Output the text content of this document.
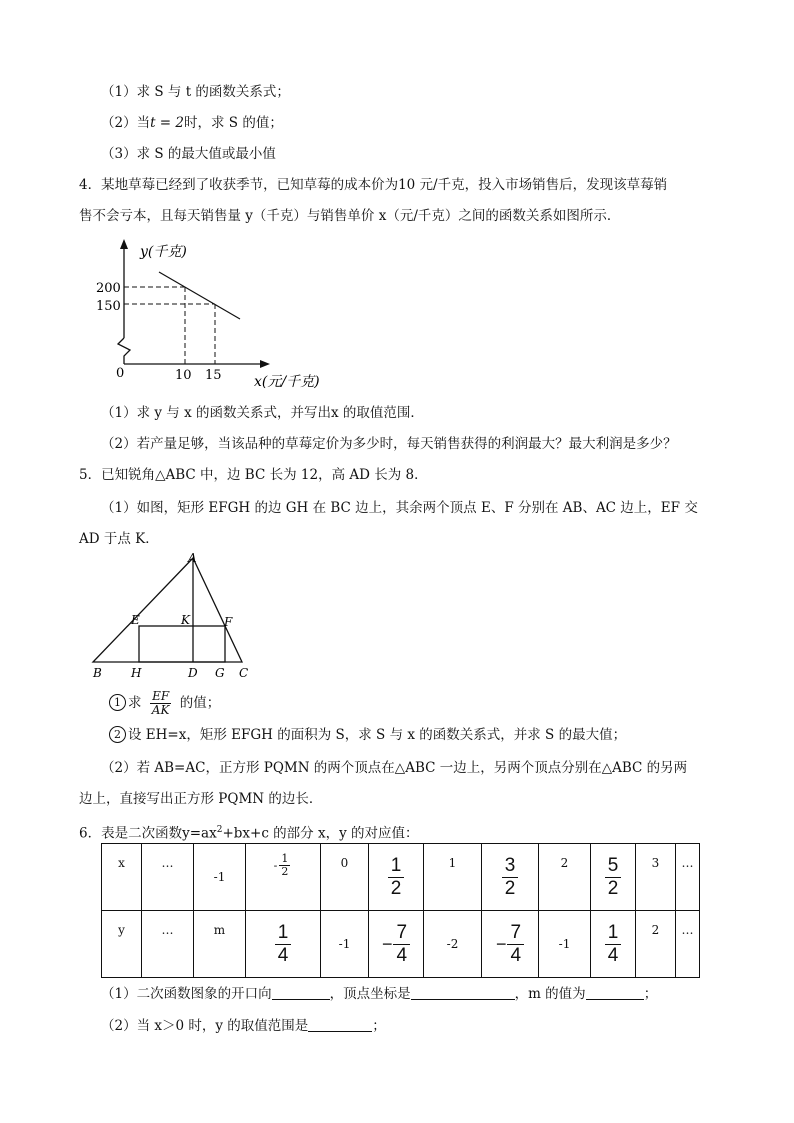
（1）求 S 与 t 的函数关系式；
（2）当t = 2时，求 S 的值；
（3）求 S 的最大值或最小值
4．某地草莓已经到了收获季节，已知草莓的成本价为10 元/千克，投入市场销售后，发现该草莓销
售不会亏本，且每天销售量 y（千克）与销售单价 x（元/千克）之间的函数关系如图所示．
y(千克)
200
150
0	10 15 x(元/千克)
（1）求 y 与 x 的函数关系式，并写出x 的取值范围．
（2）若产量足够，当该品种的草莓定价为多少时，每天销售获得的利润最大？最大利润是多少？
5．已知锐角△ABC 中，边 BC 长为 12，高 AD 长为 8．
（1）如图，矩形 EFGH 的边 GH 在 BC 边上，其余两个顶点 E、F 分别在 AB、AC 边上，EF 交
AD 于点 K．
A
E	K	F
B H	D G C
1 求 $\frac{EF}{AK}$ 的值；
2 设 EH=x，矩形 EFGH 的面积为 S，求 S 与 x 的函数关系式，并求 S 的最大值；
（2）若 AB=AC，正方形 PQMN 的两个顶点在△ABC 一边上，另两个顶点分别在△ABC 的另两
边上，直接写出正方形 PQMN 的边长．
6．表是二次函数$y=ax^2+bx+c$ 的部分 x，y 的对应值：
x	…	-1	- $\frac{1}{2}$	0	$\frac{1}{2}$	1	$\frac{3}{2}$	2	$\frac{5}{2}$	3	…
y	…	m	$\frac{1}{4}$	-1	− $\frac{7}{4}$	-2	− $\frac{7}{4}$	-1	$\frac{1}{4}$	2	…
（1）二次函数图象的开口向	，顶点坐标是	，m 的值为	；
（2）当 x＞0 时，y 的取值范围是	；
